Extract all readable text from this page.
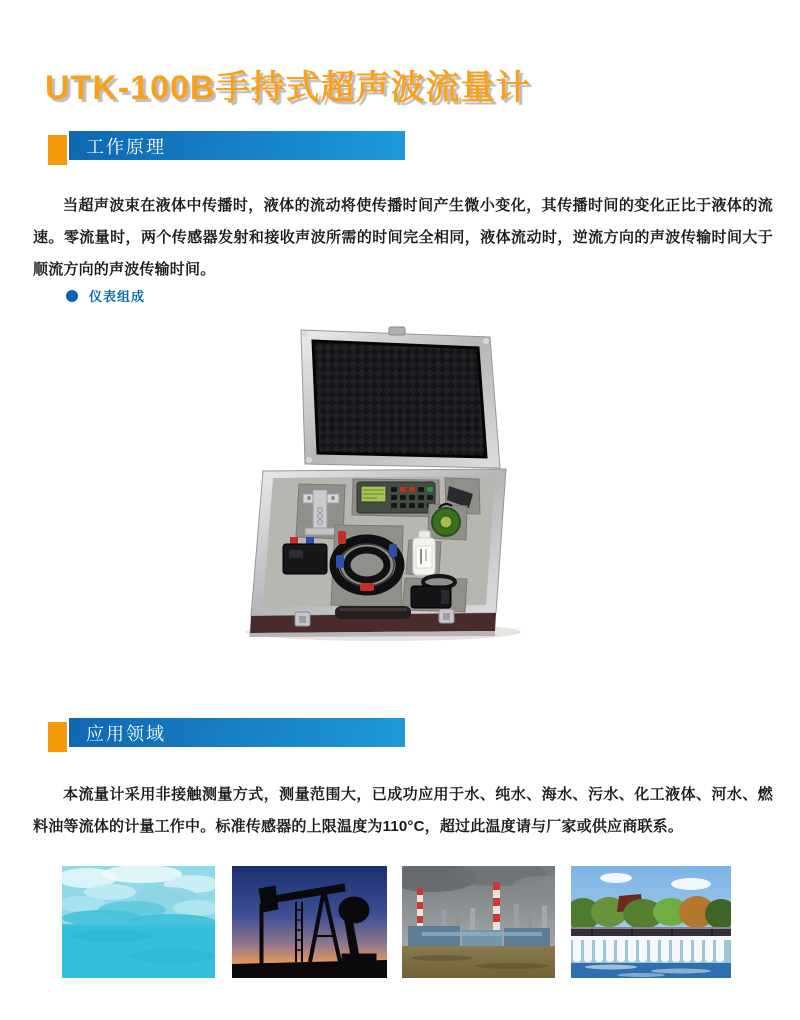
UTK-100B手持式超声波流量计
工作原理

当超声波束在液体中传播时，液体的流动将使传播时间产生微小变化，其传播时间的变化正比于液体的流速。零流量时，两个传感器发射和接收声波所需的时间完全相同，液体流动时，逆流方向的声波传输时间大于顺流方向的声波传输时间。

仪表组成
应用领域

本流量计采用非接触测量方式，测量范围大，已成功应用于水、纯水、海水、污水、化工液体、河水、燃料油等流体的计量工作中。标准传感器的上限温度为110°C，超过此温度请与厂家或供应商联系。
